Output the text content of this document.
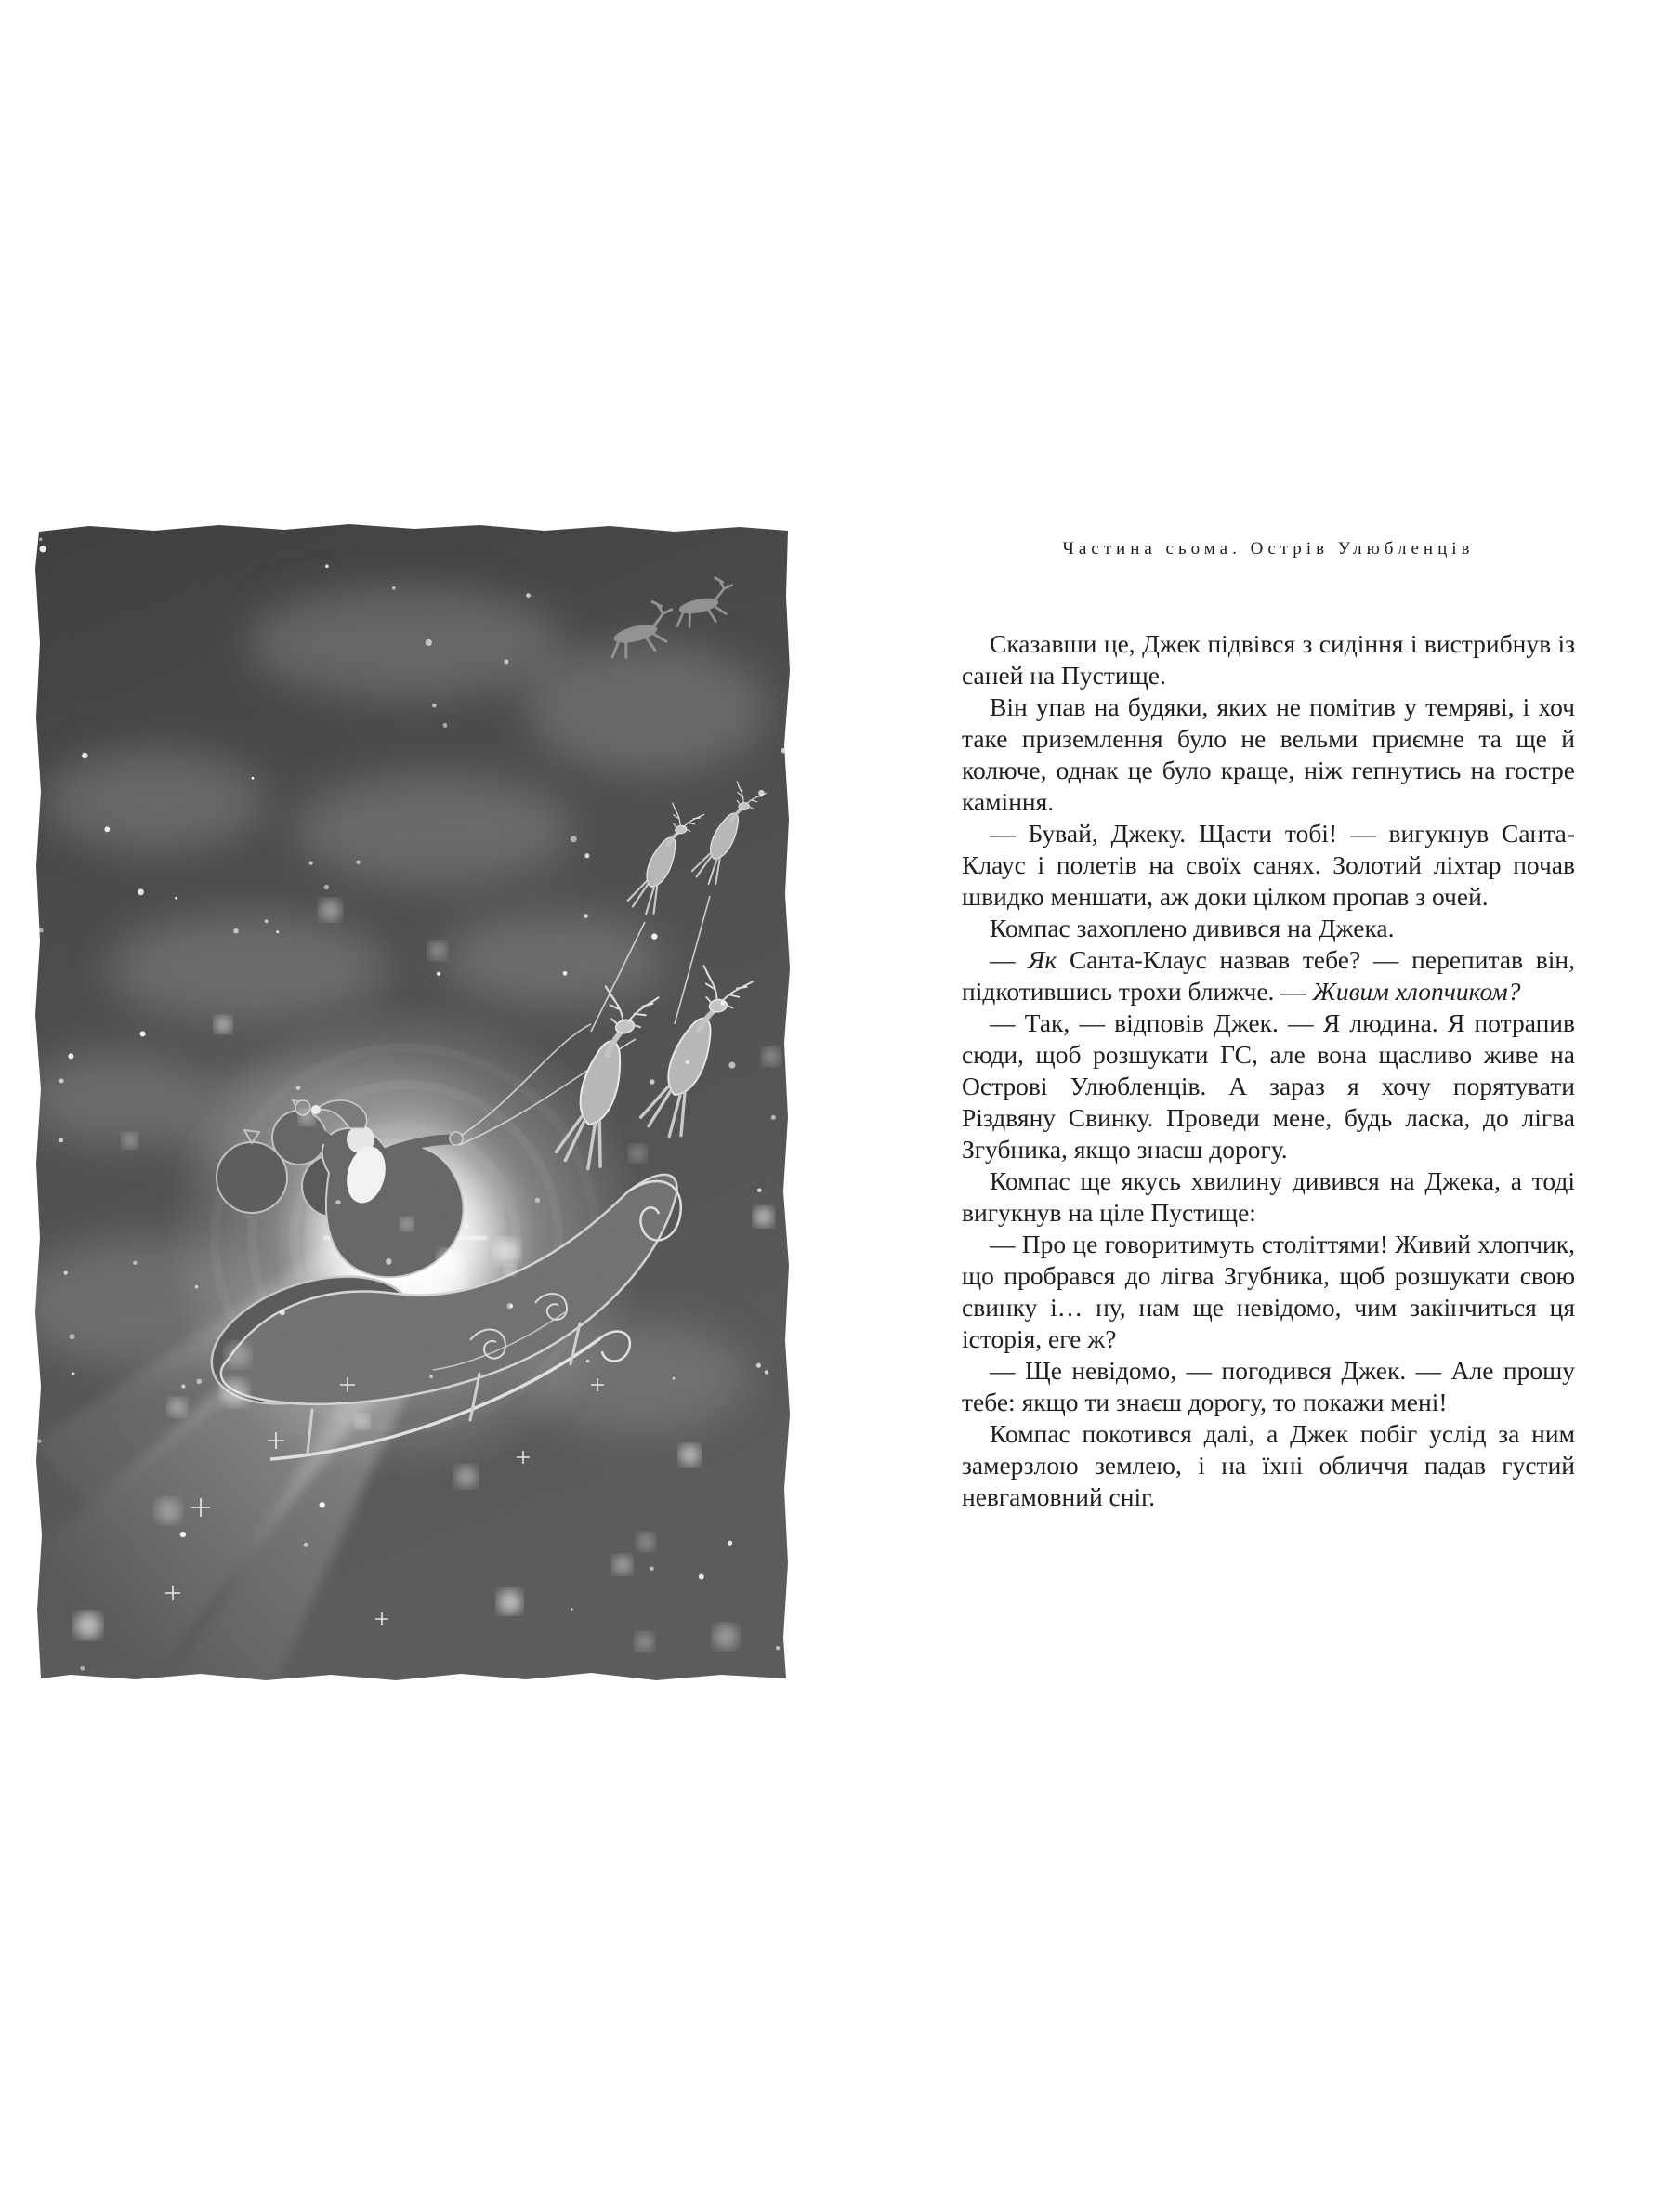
Частина сьома. Острів Улюбленців

Сказавши це, Джек підвівся з сидіння і вистрибнув із саней на Пустище.

Він упав на будяки, яких не помітив у темряві, і хоч таке приземлення було не вельми приємне та ще й колюче, однак це було краще, ніж гепнутись на гостре каміння.

— Бувай, Джеку. Щасти тобі! — вигукнув Санта-Клаус і полетів на своїх санях. Золотий ліхтар почав швидко меншати, аж доки цілком пропав з очей.

Компас захоплено дивився на Джека.

— Як Санта-Клаус назвав тебе? — перепитав він, підкотившись трохи ближче. — Живим хлопчиком?

— Так, — відповів Джек. — Я людина. Я потрапив сюди, щоб розшукати ГС, але вона щасливо живе на Острові Улюбленців. А зараз я хочу порятувати Різдвяну Свинку. Проведи мене, будь ласка, до лігва Згубника, якщо знаєш дорогу.

Компас ще якусь хвилину дивився на Джека, а тоді вигукнув на ціле Пустище:

— Про це говоритимуть століттями! Живий хлопчик, що пробрався до лігва Згубника, щоб розшукати свою свинку і… ну, нам ще невідомо, чим закінчиться ця історія, еге ж?

— Ще невідомо, — погодився Джек. — Але прошу тебе: якщо ти знаєш дорогу, то покажи мені!

Компас покотився далі, а Джек побіг услід за ним замерзлою землею, і на їхні обличчя падав густий невгамовний сніг.
